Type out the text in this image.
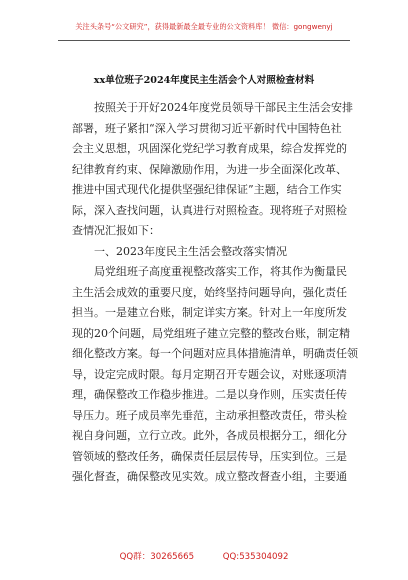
关注头条号“公文研究”，获得最新最全最专业的公文资料库！ 微信：gongwenyj
xx单位班子2024年度民主生活会个人对照检查材料
按照关于开好2024年度党员领导干部民主生活会安排
部署，班子紧扣“深入学习贯彻习近平新时代中国特色社
会主义思想，巩固深化党纪学习教育成果，综合发挥党的
纪律教育约束、保障激励作用，为进一步全面深化改革、
推进中国式现代化提供坚强纪律保证”主题，结合工作实
际，深入查找问题，认真进行对照检查。现将班子对照检
查情况汇报如下：
一、2023年度民主生活会整改落实情况
局党组班子高度重视整改落实工作，将其作为衡量民
主生活会成效的重要尺度，始终坚持问题导向，强化责任
担当。一是建立台账，制定详实方案。针对上一年度所发
现的20个问题，局党组班子建立完整的整改台账，制定精
细化整改方案。每一个问题对应具体措施清单，明确责任领
导，设定完成时限。每月定期召开专题会议，对账逐项清
理，确保整改工作稳步推进。二是以身作则，压实责任传
导压力。班子成员率先垂范，主动承担整改责任，带头检
视自身问题，立行立改。此外，各成员根据分工，细化分
管领域的整改任务，确保责任层层传导，压实到位。三是
强化督查，确保整改见实效。成立整改督查小组，主要通
QQ群：30265665	QQ:535304092
